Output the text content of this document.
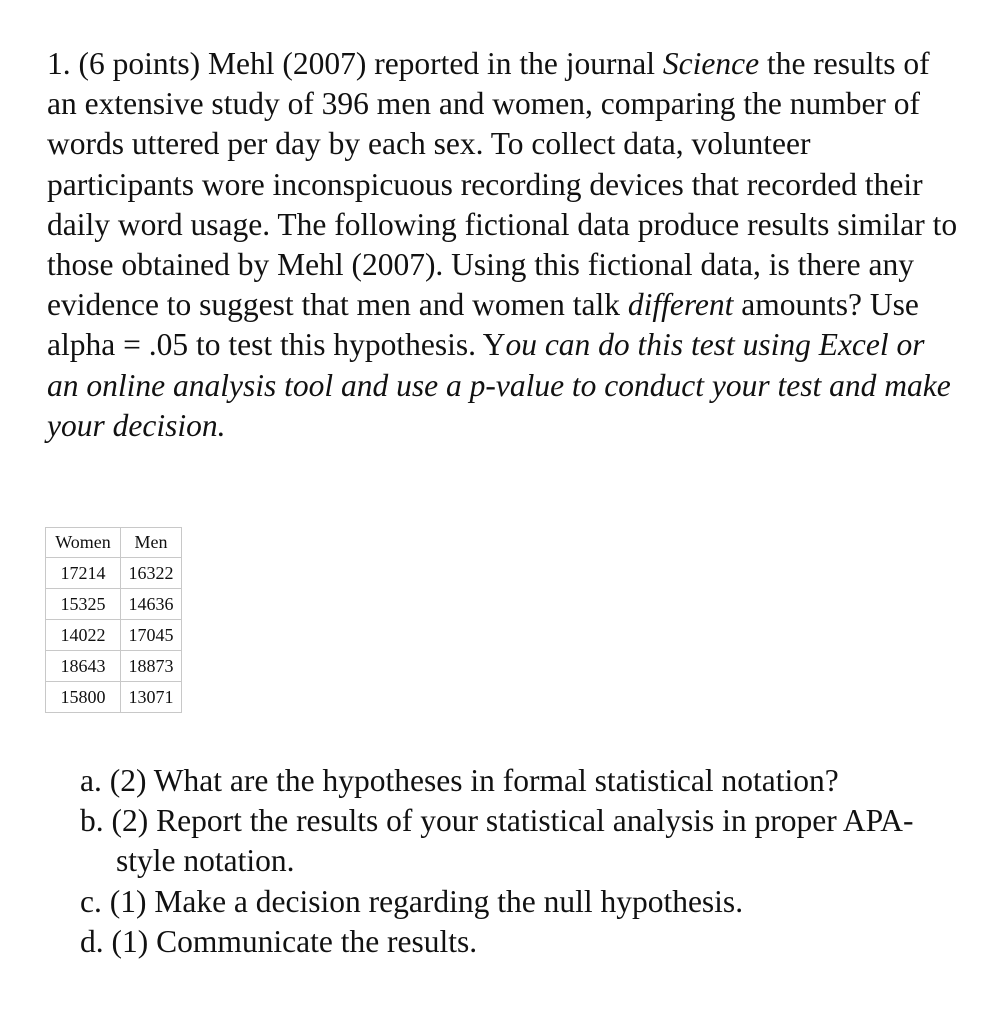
1. (6 points) Mehl (2007) reported in the journal Science the results of an extensive study of 396 men and women, comparing the number of words uttered per day by each sex. To collect data, volunteer participants wore inconspicuous recording devices that recorded their daily word usage. The following fictional data produce results similar to those obtained by Mehl (2007). Using this fictional data, is there any evidence to suggest that men and women talk different amounts? Use alpha = .05 to test this hypothesis. You can do this test using Excel or an online analysis tool and use a p-value to conduct your test and make your decision.

Women	Men
17214	16322
15325	14636
14022	17045
18643	18873
15800	13071
a. (2) What are the hypotheses in formal statistical notation?
b. (2) Report the results of your statistical analysis in proper APA-style notation.
c. (1) Make a decision regarding the null hypothesis.
d. (1) Communicate the results.
